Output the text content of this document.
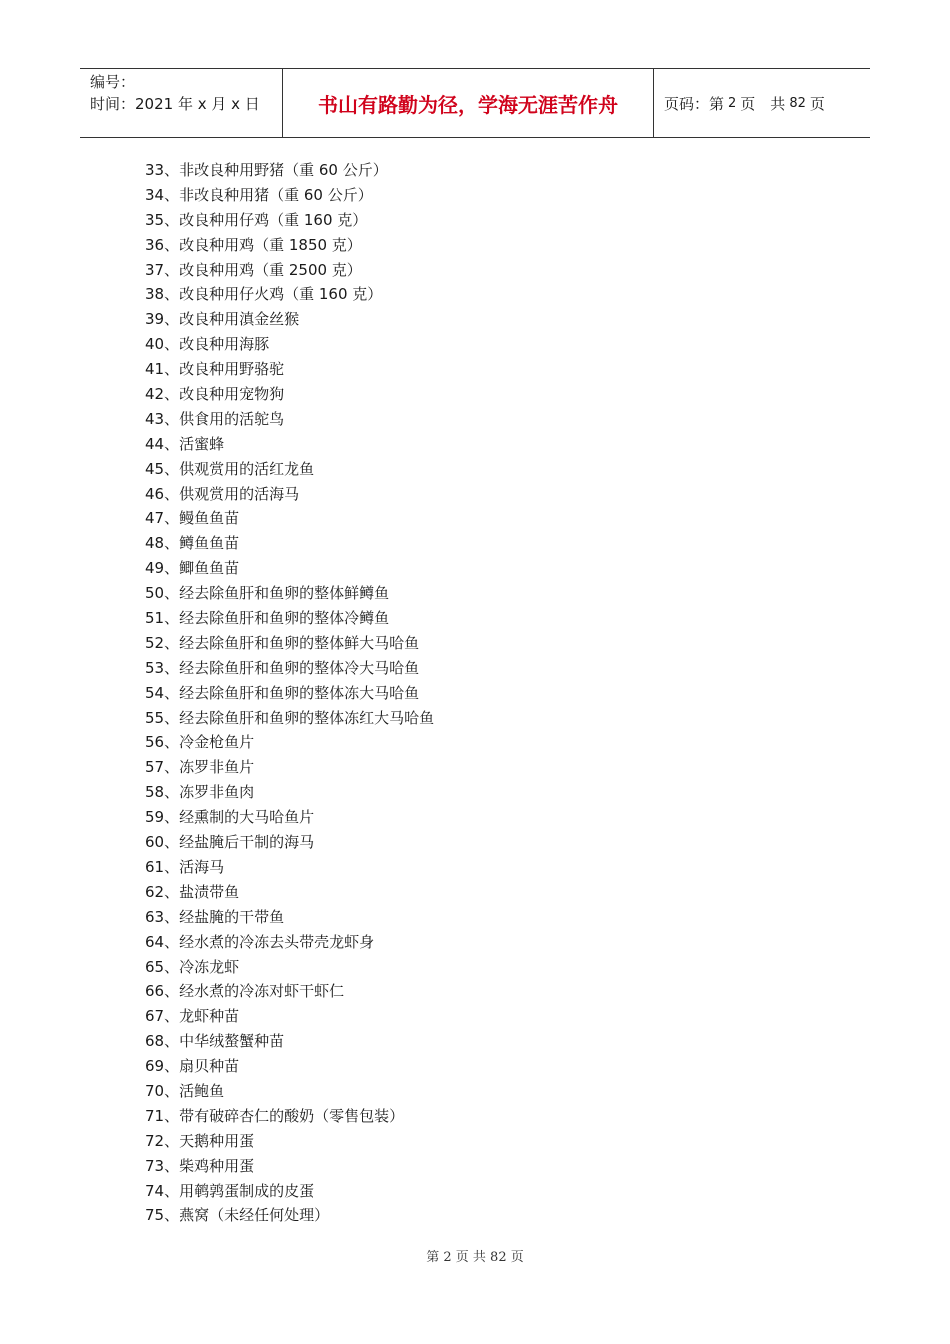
编号：
时间：2021 年 x 月 x 日	书山有路勤为径，学海无涯苦作舟	页码：第 2 页　共 82 页
33、非改良种用野猪（重 60 公斤）
34、非改良种用猪（重 60 公斤）
35、改良种用仔鸡（重 160 克）
36、改良种用鸡（重 1850 克）
37、改良种用鸡（重 2500 克）
38、改良种用仔火鸡（重 160 克）
39、改良种用滇金丝猴
40、改良种用海豚
41、改良种用野骆驼
42、改良种用宠物狗
43、供食用的活鸵鸟
44、活蜜蜂
45、供观赏用的活红龙鱼
46、供观赏用的活海马
47、鳗鱼鱼苗
48、鳟鱼鱼苗
49、鲫鱼鱼苗
50、经去除鱼肝和鱼卵的整体鲜鳟鱼
51、经去除鱼肝和鱼卵的整体冷鳟鱼
52、经去除鱼肝和鱼卵的整体鲜大马哈鱼
53、经去除鱼肝和鱼卵的整体冷大马哈鱼
54、经去除鱼肝和鱼卵的整体冻大马哈鱼
55、经去除鱼肝和鱼卵的整体冻红大马哈鱼
56、冷金枪鱼片
57、冻罗非鱼片
58、冻罗非鱼肉
59、经熏制的大马哈鱼片
60、经盐腌后干制的海马
61、活海马
62、盐渍带鱼
63、经盐腌的干带鱼
64、经水煮的冷冻去头带壳龙虾身
65、冷冻龙虾
66、经水煮的冷冻对虾干虾仁
67、龙虾种苗
68、中华绒螯蟹种苗
69、扇贝种苗
70、活鲍鱼
71、带有破碎杏仁的酸奶（零售包装）
72、天鹅种用蛋
73、柴鸡种用蛋
74、用鹌鹑蛋制成的皮蛋
75、燕窝（未经任何处理）
第 2 页 共 82 页
